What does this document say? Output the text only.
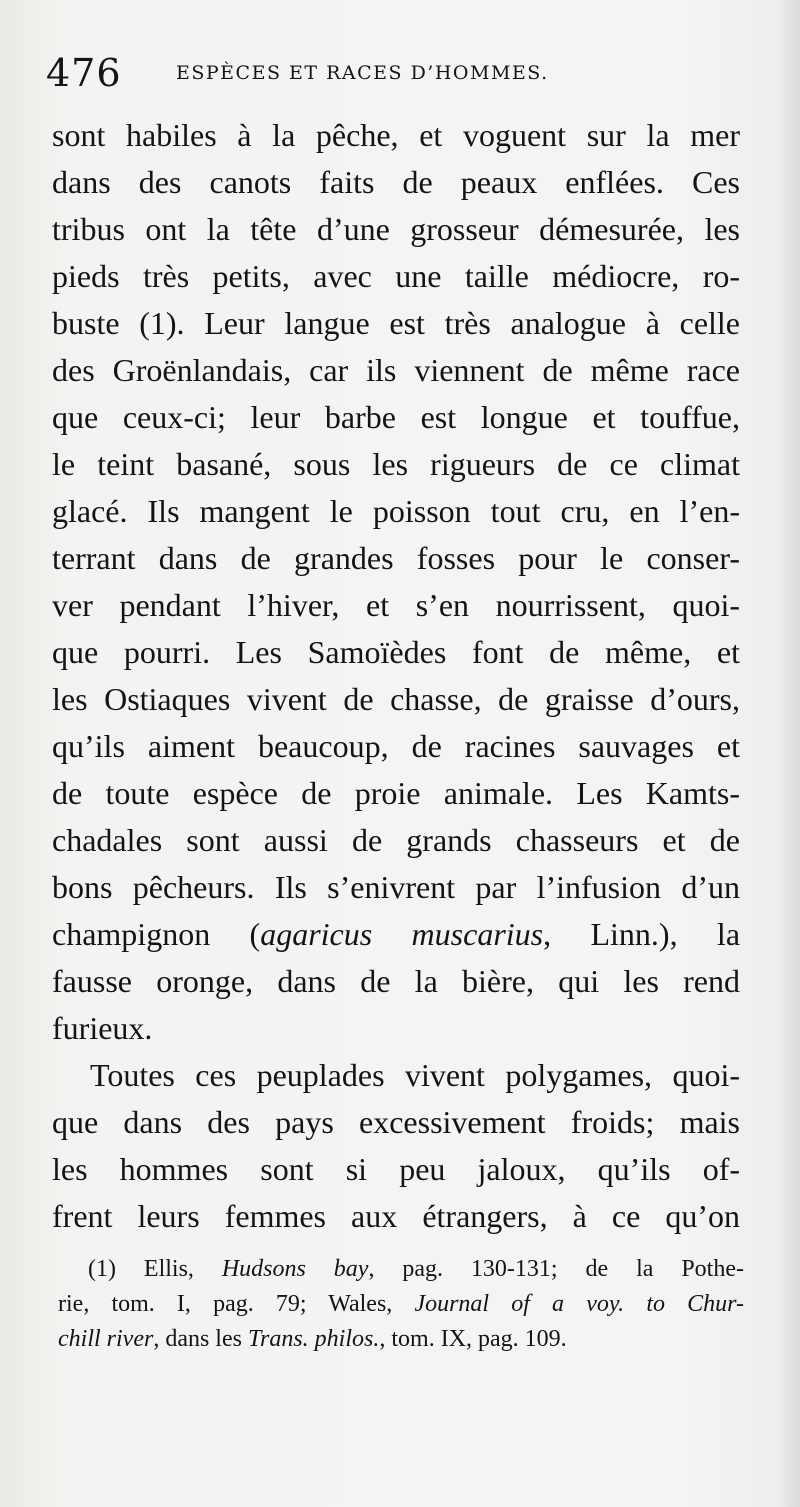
476	ESPÈCES ET RACES D’HOMMES.
sont habiles à la pêche, et voguent sur la mer
dans des canots faits de peaux enflées. Ces
tribus ont la tête d’une grosseur démesurée, les
pieds très petits, avec une taille médiocre, ro-
buste (1). Leur langue est très analogue à celle
des Groënlandais, car ils viennent de même race
que ceux-ci; leur barbe est longue et touffue,
le teint basané, sous les rigueurs de ce climat
glacé. Ils mangent le poisson tout cru, en l’en-
terrant dans de grandes fosses pour le conser-
ver pendant l’hiver, et s’en nourrissent, quoi-
que pourri. Les Samoïèdes font de même, et
les Ostiaques vivent de chasse, de graisse d’ours,
qu’ils aiment beaucoup, de racines sauvages et
de toute espèce de proie animale. Les Kamts-
chadales sont aussi de grands chasseurs et de
bons pêcheurs. Ils s’enivrent par l’infusion d’un
champignon (agaricus muscarius, Linn.), la
fausse oronge, dans de la bière, qui les rend
furieux.
Toutes ces peuplades vivent polygames, quoi-
que dans des pays excessivement froids; mais
les hommes sont si peu jaloux, qu’ils of-
frent leurs femmes aux étrangers, à ce qu’on
(1) Ellis, Hudsons bay, pag. 130-131; de la Pothe-
rie, tom. I, pag. 79; Wales, Journal of a voy. to Chur-
chill river, dans les Trans. philos., tom. IX, pag. 109.
